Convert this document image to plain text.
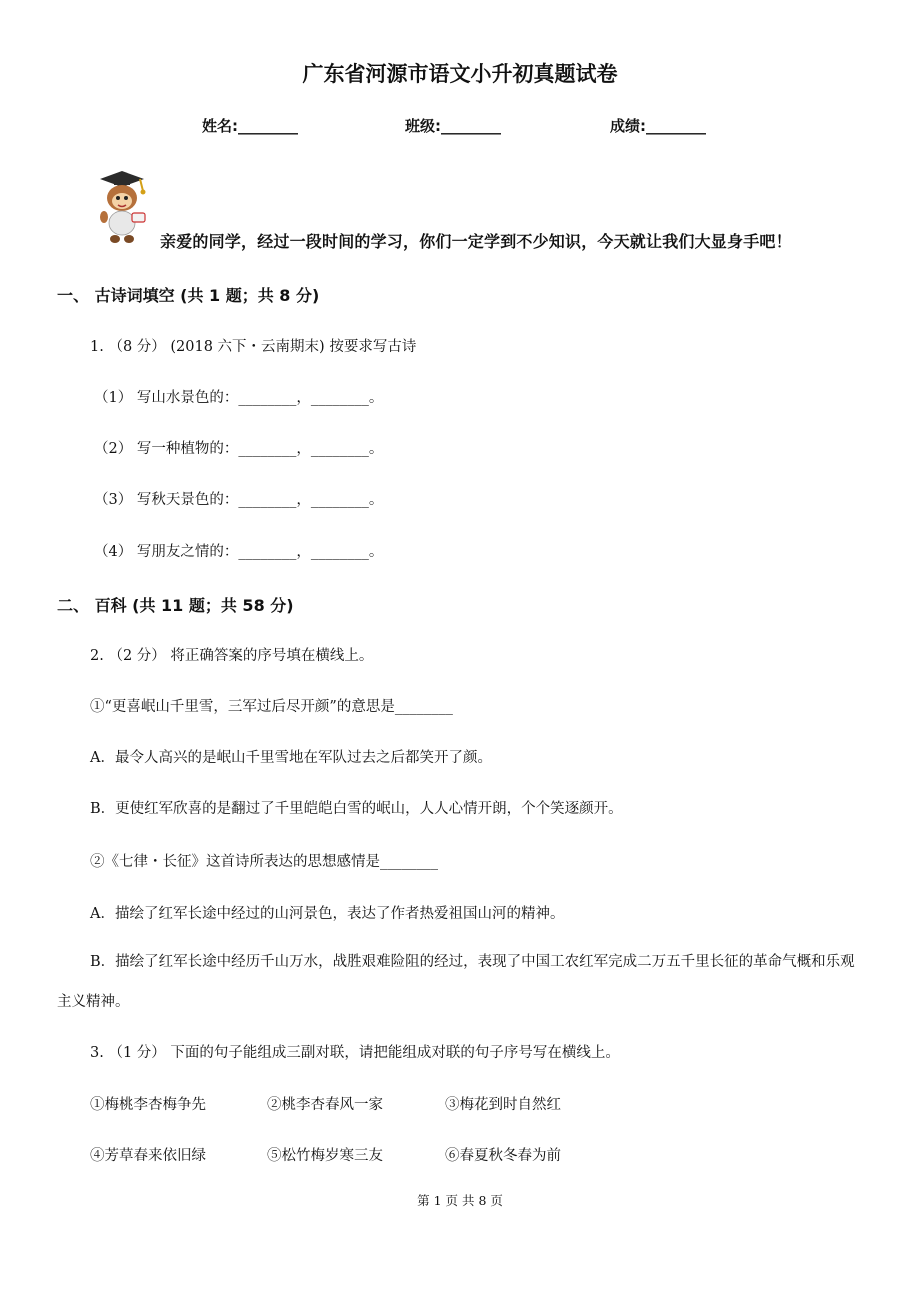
广东省河源市语文小升初真题试卷
姓名:________	班级:________	成绩:________
亲爱的同学，经过一段时间的学习，你们一定学到不少知识，今天就让我们大显身手吧！
一、 古诗词填空 (共 1 题；共 8 分)
1. （8 分） (2018 六下・云南期末) 按要求写古诗
（1） 写山水景色的：________，________。
（2） 写一种植物的：________，________。
（3） 写秋天景色的：________，________。
（4） 写朋友之情的：________，________。
二、 百科 (共 11 题；共 58 分)
2. （2 分） 将正确答案的序号填在横线上。
①“更喜岷山千里雪，三军过后尽开颜”的意思是________
A．最令人高兴的是岷山千里雪地在军队过去之后都笑开了颜。
B．更使红军欣喜的是翻过了千里皑皑白雪的岷山，人人心情开朗，个个笑逐颜开。
②《七律・长征》这首诗所表达的思想感情是________
A．描绘了红军长途中经过的山河景色，表达了作者热爱祖国山河的精神。
B．描绘了红军长途中经历千山万水，战胜艰难险阻的经过，表现了中国工农红军完成二万五千里长征的革命气概和乐观主义精神。
3. （1 分） 下面的句子能组成三副对联，请把能组成对联的句子序号写在横线上。
①梅桃李杏梅争先	②桃李杏春风一家	③梅花到时自然红
④芳草春来依旧绿	⑤松竹梅岁寒三友	⑥春夏秋冬春为前
第 1 页 共 8 页
